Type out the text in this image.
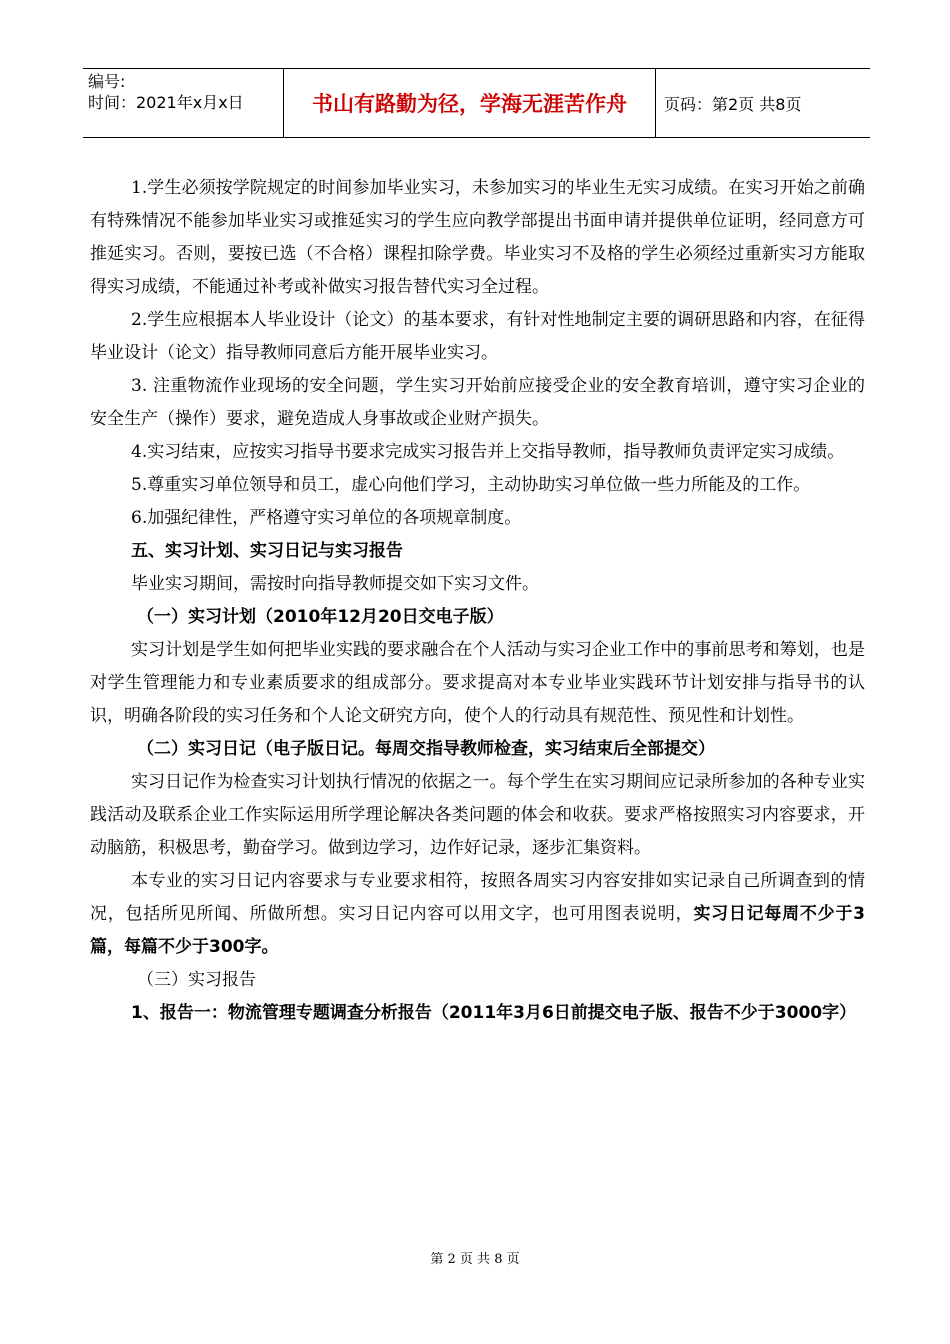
编号:
时间：2021年x月x日	书山有路勤为径，学海无涯苦作舟	页码：第2页 共8页

1.学生必须按学院规定的时间参加毕业实习，未参加实习的毕业生无实习成绩。在实习开始之前确有特殊情况不能参加毕业实习或推延实习的学生应向教学部提出书面申请并提供单位证明，经同意方可推延实习。否则，要按已选（不合格）课程扣除学费。毕业实习不及格的学生必须经过重新实习方能取得实习成绩，不能通过补考或补做实习报告替代实习全过程。

2.学生应根据本人毕业设计（论文）的基本要求，有针对性地制定主要的调研思路和内容，在征得毕业设计（论文）指导教师同意后方能开展毕业实习。

3. 注重物流作业现场的安全问题，学生实习开始前应接受企业的安全教育培训，遵守实习企业的安全生产（操作）要求，避免造成人身事故或企业财产损失。

4.实习结束，应按实习指导书要求完成实习报告并上交指导教师，指导教师负责评定实习成绩。

5.尊重实习单位领导和员工，虚心向他们学习，主动协助实习单位做一些力所能及的工作。

6.加强纪律性，严格遵守实习单位的各项规章制度。

五、实习计划、实习日记与实习报告

毕业实习期间，需按时向指导教师提交如下实习文件。

（一）实习计划（2010年12月20日交电子版）

实习计划是学生如何把毕业实践的要求融合在个人活动与实习企业工作中的事前思考和筹划，也是对学生管理能力和专业素质要求的组成部分。要求提高对本专业毕业实践环节计划安排与指导书的认识，明确各阶段的实习任务和个人论文研究方向，使个人的行动具有规范性、预见性和计划性。

（二）实习日记（电子版日记。每周交指导教师检查，实习结束后全部提交）

实习日记作为检查实习计划执行情况的依据之一。每个学生在实习期间应记录所参加的各种专业实践活动及联系企业工作实际运用所学理论解决各类问题的体会和收获。要求严格按照实习内容要求，开动脑筋，积极思考，勤奋学习。做到边学习，边作好记录，逐步汇集资料。

本专业的实习日记内容要求与专业要求相符，按照各周实习内容安排如实记录自己所调查到的情况，包括所见所闻、所做所想。实习日记内容可以用文字，也可用图表说明，实习日记每周不少于3篇，每篇不少于300字。

（三）实习报告

1、报告一：物流管理专题调查分析报告（2011年3月6日前提交电子版、报告不少于3000字）

第 2 页 共 8 页
